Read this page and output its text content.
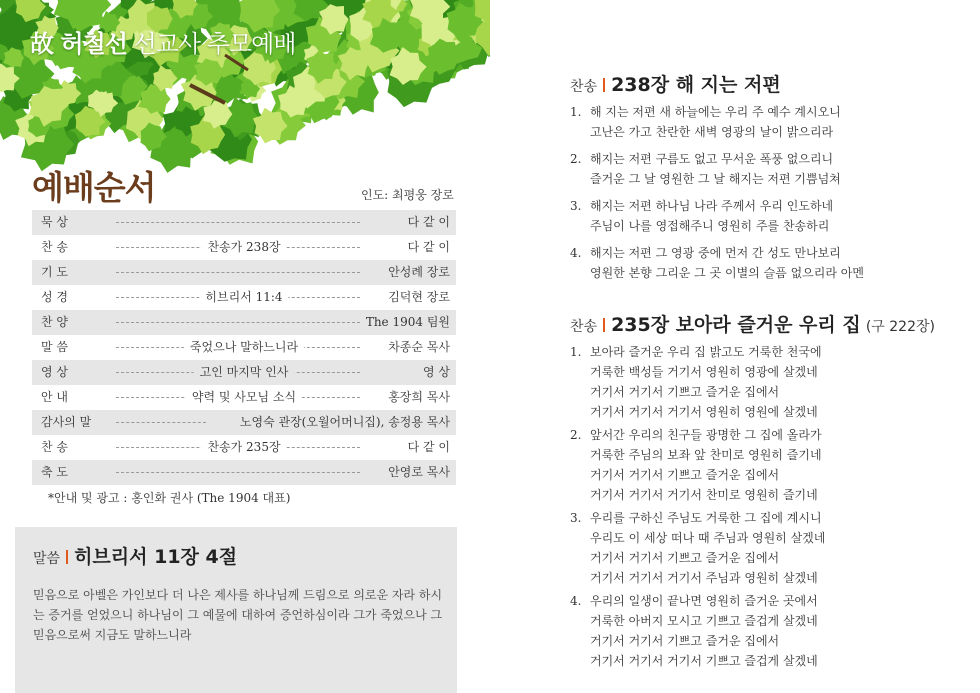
故 허철선 선교사 추모예배
예배순서	인도: 최평웅 장로
묵 상	다 같 이
찬 송	찬송가 238장	다 같 이
기 도	안성례 장로
성 경	히브리서 11:4	김덕현 장로
찬 양	The 1904 팀원
말 씀	죽었으나 말하느니라	차종순 목사
영 상	고인 마지막 인사	영 상
안 내	약력 및 사모님 소식	홍장희 목사
감사의 말	노영숙 관장(오월어머니집), 송정용 목사
찬 송	찬송가 235장	다 같 이
축 도	안영로 목사
*안내 및 광고 : 홍인화 권사 (The 1904 대표)
말씀 히브리서 11장 4절
믿음으로 아벨은 가인보다 더 나은 제사를 하나님께 드림으로 의로운 자라 하시는 증거를 얻었으니 하나님이 그 예물에 대하여 증언하심이라 그가 죽었으나 그 믿음으로써 지금도 말하느니라
찬송 238장 해 지는 저편
1. 해 지는 저편 새 하늘에는 우리 주 예수 계시오니
고난은 가고 찬란한 새벽 영광의 날이 밝으리라
2. 해지는 저편 구름도 없고 무서운 폭풍 없으리니
즐거운 그 날 영원한 그 날 해지는 저편 기쁨넘쳐
3. 해지는 저편 하나님 나라 주께서 우리 인도하네
주님이 나를 영접해주니 영원히 주를 찬송하리
4. 해지는 저편 그 영광 중에 먼저 간 성도 만나보리
영원한 본향 그리운 그 곳 이별의 슬픔 없으리라 아멘
찬송 235장 보아라 즐거운 우리 집 (구 222장)
1. 보아라 즐거운 우리 집 밝고도 거룩한 천국에
거룩한 백성들 거기서 영원히 영광에 살겠네
거기서 거기서 기쁘고 즐거운 집에서
거기서 거기서 거기서 영원히 영원에 살겠네
2. 앞서간 우리의 친구들 광명한 그 집에 올라가
거룩한 주님의 보좌 앞 찬미로 영원히 즐기네
거기서 거기서 기쁘고 즐거운 집에서
거기서 거기서 거기서 찬미로 영원히 즐기네
3. 우리를 구하신 주님도 거룩한 그 집에 계시니
우리도 이 세상 떠나 때 주님과 영원히 살겠네
거기서 거기서 기쁘고 즐거운 집에서
거기서 거기서 거기서 주님과 영원히 살겠네
4. 우리의 일생이 끝나면 영원히 즐거운 곳에서
거룩한 아버지 모시고 기쁘고 즐겁게 살겠네
거기서 거기서 기쁘고 즐거운 집에서
거기서 거기서 거기서 기쁘고 즐겁게 살겠네
